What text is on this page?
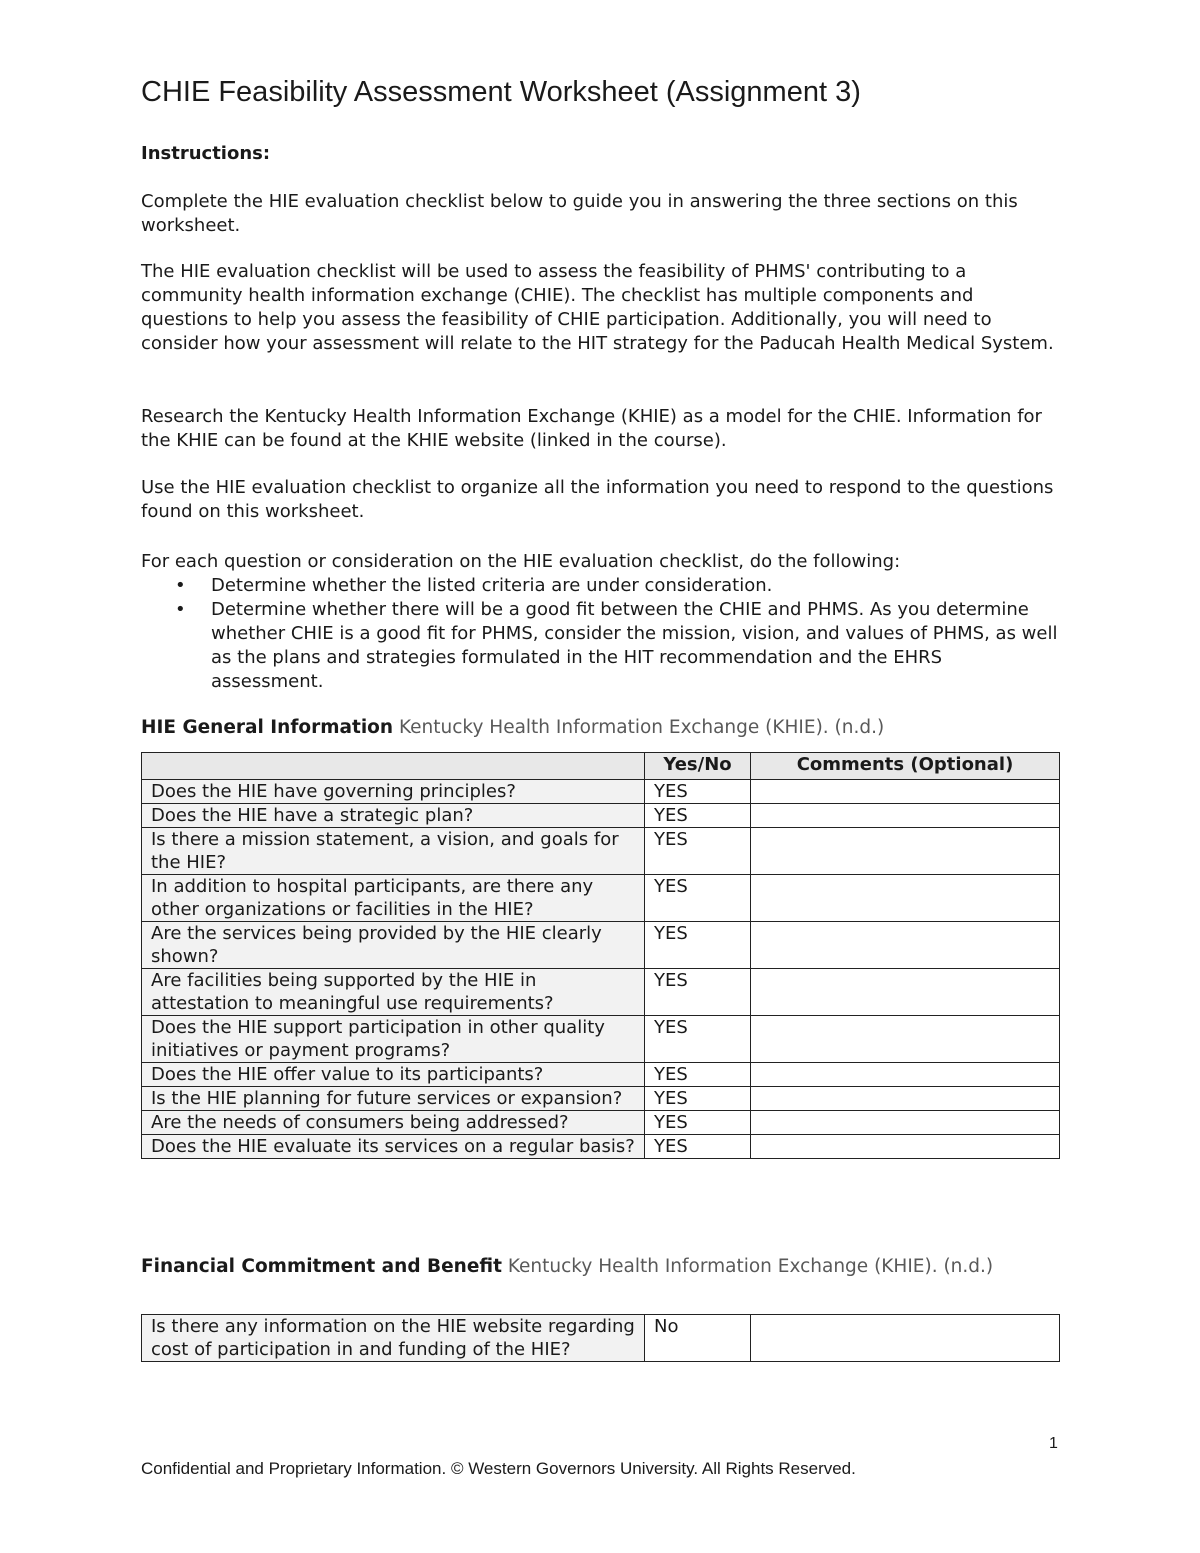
CHIE Feasibility Assessment Worksheet (Assignment 3)
Instructions:

Complete the HIE evaluation checklist below to guide you in answering the three sections on this worksheet.

The HIE evaluation checklist will be used to assess the feasibility of PHMS' contributing to a community health information exchange (CHIE). The checklist has multiple components and questions to help you assess the feasibility of CHIE participation. Additionally, you will need to consider how your assessment will relate to the HIT strategy for the Paducah Health Medical System.

Research the Kentucky Health Information Exchange (KHIE) as a model for the CHIE. Information for the KHIE can be found at the KHIE website (linked in the course).

Use the HIE evaluation checklist to organize all the information you need to respond to the questions found on this worksheet.

For each question or consideration on the HIE evaluation checklist, do the following:

• Determine whether the listed criteria are under consideration.
• Determine whether there will be a good fit between the CHIE and PHMS. As you determine whether CHIE is a good fit for PHMS, consider the mission, vision, and values of PHMS, as well as the plans and strategies formulated in the HIT recommendation and the EHRS assessment.
HIE General Information Kentucky Health Information Exchange (KHIE). (n.d.)
	Yes/No	Comments (Optional)
Does the HIE have governing principles?	YES	
Does the HIE have a strategic plan?	YES	
Is there a mission statement, a vision, and goals for the HIE?	YES	
In addition to hospital participants, are there any other organizations or facilities in the HIE?	YES	
Are the services being provided by the HIE clearly shown?	YES	
Are facilities being supported by the HIE in attestation to meaningful use requirements?	YES	
Does the HIE support participation in other quality initiatives or payment programs?	YES	
Does the HIE offer value to its participants?	YES	
Is the HIE planning for future services or expansion?	YES	
Are the needs of consumers being addressed?	YES	
Does the HIE evaluate its services on a regular basis?	YES	
Financial Commitment and Benefit Kentucky Health Information Exchange (KHIE). (n.d.)
Is there any information on the HIE website regarding cost of participation in and funding of the HIE?	No	
1
Confidential and Proprietary Information. © Western Governors University. All Rights Reserved.
